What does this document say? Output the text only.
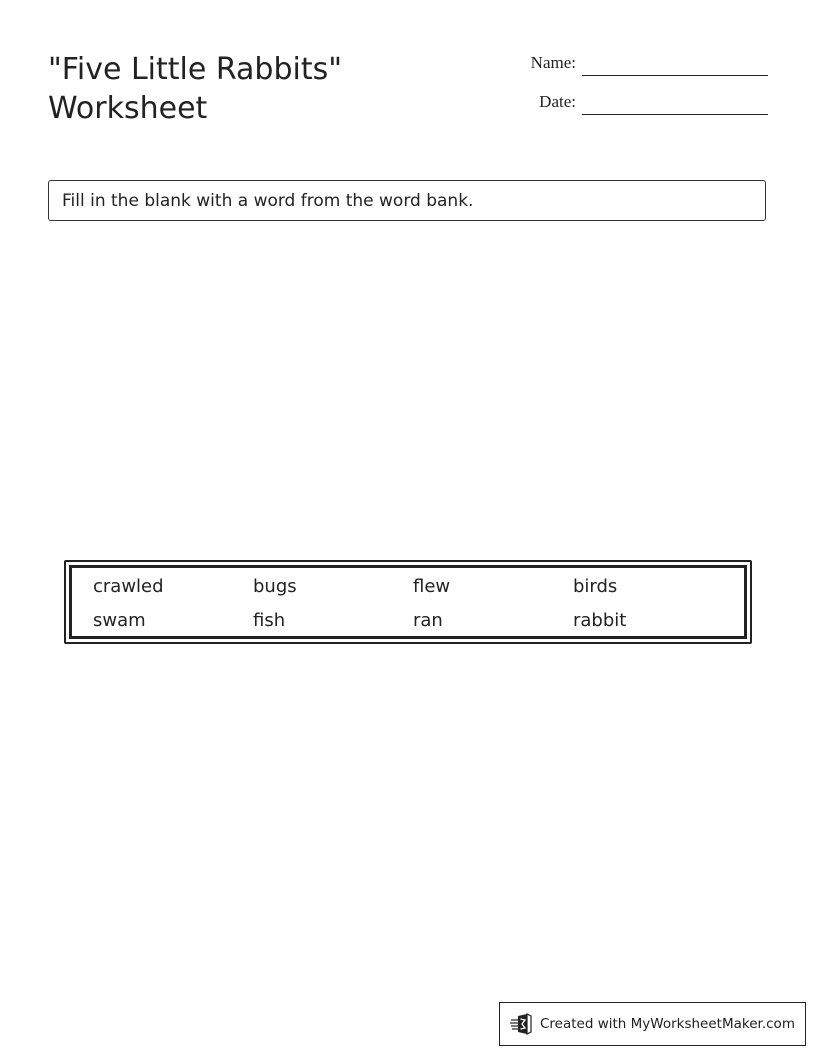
"Five Little Rabbits"
Worksheet
Name:
Date:
Fill in the blank with a word from the word bank.
crawled	bugs	flew	birds
swam	fish	ran	rabbit
Created with MyWorksheetMaker.com
